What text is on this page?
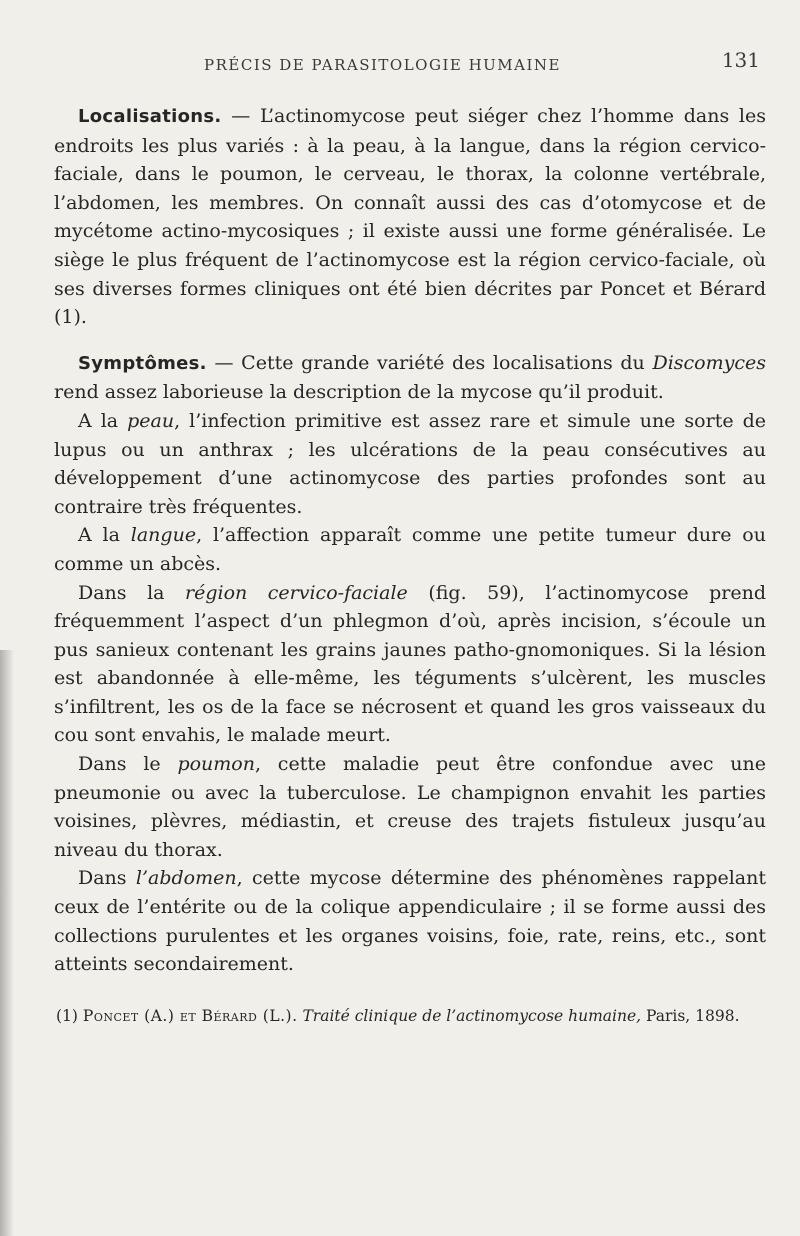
PRÉCIS DE PARASITOLOGIE HUMAINE	131

Localisations. — L’actinomycose peut siéger chez l’homme dans les endroits les plus variés : à la peau, à la langue, dans la région cervico-faciale, dans le poumon, le cerveau, le thorax, la colonne vertébrale, l’abdomen, les membres. On connaît aussi des cas d’otomycose et de mycétome actino-mycosiques ; il existe aussi une forme généralisée. Le siège le plus fréquent de l’actinomycose est la région cervico-faciale, où ses diverses formes cliniques ont été bien décrites par Poncet et Bérard (1).

Symptômes. — Cette grande variété des localisations du Discomyces rend assez laborieuse la description de la mycose qu’il produit.

A la peau, l’infection primitive est assez rare et simule une sorte de lupus ou un anthrax ; les ulcérations de la peau consécutives au développement d’une actinomycose des parties profondes sont au contraire très fréquentes.

A la langue, l’affection apparaît comme une petite tumeur dure ou comme un abcès.

Dans la région cervico-faciale (fig. 59), l’actinomycose prend fréquemment l’aspect d’un phlegmon d’où, après incision, s’écoule un pus sanieux contenant les grains jaunes patho-gnomoniques. Si la lésion est abandonnée à elle-même, les téguments s’ulcèrent, les muscles s’infiltrent, les os de la face se nécrosent et quand les gros vaisseaux du cou sont envahis, le malade meurt.

Dans le poumon, cette maladie peut être confondue avec une pneumonie ou avec la tuberculose. Le champignon envahit les parties voisines, plèvres, médiastin, et creuse des trajets fistuleux jusqu’au niveau du thorax.

Dans l’abdomen, cette mycose détermine des phénomènes rappelant ceux de l’entérite ou de la colique appendiculaire ; il se forme aussi des collections purulentes et les organes voisins, foie, rate, reins, etc., sont atteints secondairement.

(1) Poncet (A.) et Bérard (L.). Traité clinique de l’actinomycose humaine, Paris, 1898.
